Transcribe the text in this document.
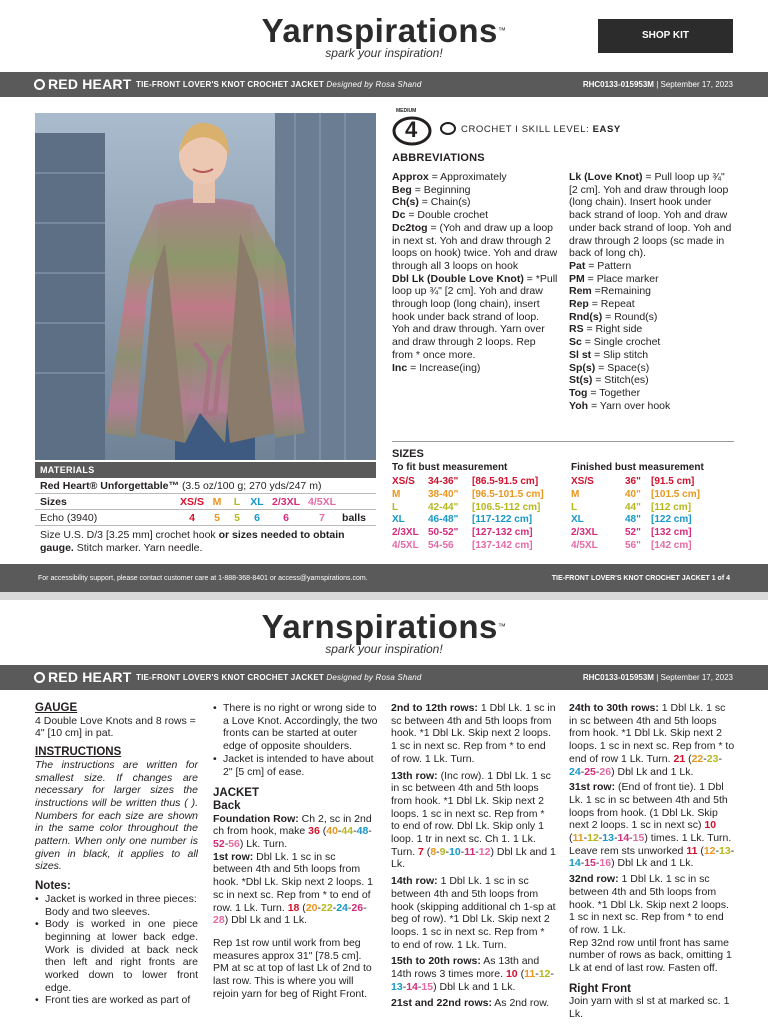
Yarnspirations™
spark your inspiration!
SHOP KIT
RED HEART TIE-FRONT LOVER'S KNOT CROCHET JACKET Designed by Rosa Shand	RHC0133-015953M | September 17, 2023
MATERIALS
Red Heart® Unforgettable™ (3.5 oz/100 g; 270 yds/247 m)
Sizes	XS/S M L XL 2/3XL 4/5XL
Echo (3940)	4	5	5	6	6	7	balls
Size U.S. D/3 [3.25 mm] crochet hook or sizes needed to obtain gauge. Stitch marker. Yarn needle.
MEDIUM
4	CROCHET I SKILL LEVEL: EASY
ABBREVIATIONS
Approx = Approximately
Beg = Beginning
Ch(s) = Chain(s)
Dc = Double crochet
Dc2tog = (Yoh and draw up a loop in next st. Yoh and draw through 2 loops on hook) twice. Yoh and draw through all 3 loops on hook
Dbl Lk (Double Love Knot) = *Pull loop up ¾" [2 cm]. Yoh and draw through loop (long chain), insert hook under back strand of loop. Yoh and draw through. Yarn over and draw through 2 loops. Rep from * once more.
Inc = Increase(ing)
Lk (Love Knot) = Pull loop up ¾" [2 cm]. Yoh and draw through loop (long chain). Insert hook under back strand of loop. Yoh and draw under back strand of loop. Yoh and draw through 2 loops (sc made in back of long ch).
Pat = Pattern
PM = Place marker
Rem =Remaining
Rep = Repeat
Rnd(s) = Round(s)
RS = Right side
Sc = Single crochet
Sl st = Slip stitch
Sp(s) = Space(s)
St(s) = Stitch(es)
Tog = Together
Yoh = Yarn over hook
SIZES
To fit bust measurement	Finished bust measurement
XS/S 34-36" [86.5-91.5 cm]
M	38-40" [96.5-101.5 cm]
L	42-44" [106.5-112 cm]
XL 46-48" [117-122 cm]
2/3XL 50-52" [127-132 cm]
4/5XL 54-56 [137-142 cm]
XS/S	36" [91.5 cm]
M	40" [101.5 cm]
L	44" [112 cm]
XL	48" [122 cm]
2/3XL	52" [132 cm]
4/5XL	56" [142 cm]
For accessibility support, please contact customer care at 1-888-368-8401 or access@yarnspirations.com.	TIE-FRONT LOVER'S KNOT CROCHET JACKET 1 of 4
Yarnspirations™
spark your inspiration!
RED HEART TIE-FRONT LOVER'S KNOT CROCHET JACKET Designed by Rosa Shand	RHC0133-015953M | September 17, 2023
GAUGE
4 Double Love Knots and 8 rows = 4" [10 cm] in pat.
INSTRUCTIONS
The instructions are written for smallest size. If changes are necessary for larger sizes the instructions will be written thus ( ). Numbers for each size are shown in the same color throughout the pattern. When only one number is given in black, it applies to all sizes.
Notes:
• Jacket is worked in three pieces: Body and two sleeves.
• Body is worked in one piece beginning at lower back edge. Work is divided at back neck then left and right fronts are worked down to lower front edge.
• Front ties are worked as part of
• There is no right or wrong side to a Love Knot. Accordingly, the two fronts can be started at outer edge of opposite shoulders.
• Jacket is intended to have about 2" [5 cm] of ease.
JACKET
Back
Foundation Row: Ch 2, sc in 2nd ch from hook, make 36 (40-44-48-52-56) Lk. Turn.
1st row: Dbl Lk. 1 sc in sc between 4th and 5th loops from hook. *Dbl Lk. Skip next 2 loops. 1 sc in next sc. Rep from * to end of row. 1 Lk. Turn. 18 (20-22-24-26-28) Dbl Lk and 1 Lk.
Rep 1st row until work from beg measures approx 31" [78.5 cm]. PM at sc at top of last Lk of 2nd to last row. This is where you will rejoin yarn for beg of Right Front.
2nd to 12th rows: 1 Dbl Lk. 1 sc in sc between 4th and 5th loops from hook. *1 Dbl Lk. Skip next 2 loops. 1 sc in next sc. Rep from * to end of row. 1 Lk. Turn.
13th row: (Inc row). 1 Dbl Lk. 1 sc in sc between 4th and 5th loops from hook. *1 Dbl Lk. Skip next 2 loops. 1 sc in next sc. Rep from * to end of row. Dbl Lk. Skip only 1 loop. 1 tr in next sc. Ch 1. 1 Lk. Turn. 7 (8-9-10-11-12) Dbl Lk and 1 Lk.
14th row: 1 Dbl Lk. 1 sc in sc between 4th and 5th loops from hook (skipping additional ch 1-sp at beg of row). *1 Dbl Lk. Skip next 2 loops. 1 sc in next sc. Rep from * to end of row. 1 Lk. Turn.
15th to 20th rows: As 13th and 14th rows 3 times more. 10 (11-12-13-14-15) Dbl Lk and 1 Lk.
21st and 22nd rows: As 2nd row.
24th to 30th rows: 1 Dbl Lk. 1 sc in sc between 4th and 5th loops from hook. *1 Dbl Lk. Skip next 2 loops. 1 sc in next sc. Rep from * to end of row 1 Lk. Turn. 21 (22-23-24-25-26) Dbl Lk and 1 Lk.
31st row: (End of front tie). 1 Dbl Lk. 1 sc in sc between 4th and 5th loops from hook. (1 Dbl Lk. Skip next 2 loops. 1 sc in next sc) 10 (11-12-13-14-15) times. 1 Lk. Turn. Leave rem sts unworked 11 (12-13-14-15-16) Dbl Lk and 1 Lk.
32nd row: 1 Dbl Lk. 1 sc in sc between 4th and 5th loops from hook. *1 Dbl Lk. Skip next 2 loops. 1 sc in next sc. Rep from * to end of row. 1 Lk.
Rep 32nd row until front has same number of rows as back, omitting 1 Lk at end of last row. Fasten off.
Right Front
Join yarn with sl st at marked sc. 1 Lk.
